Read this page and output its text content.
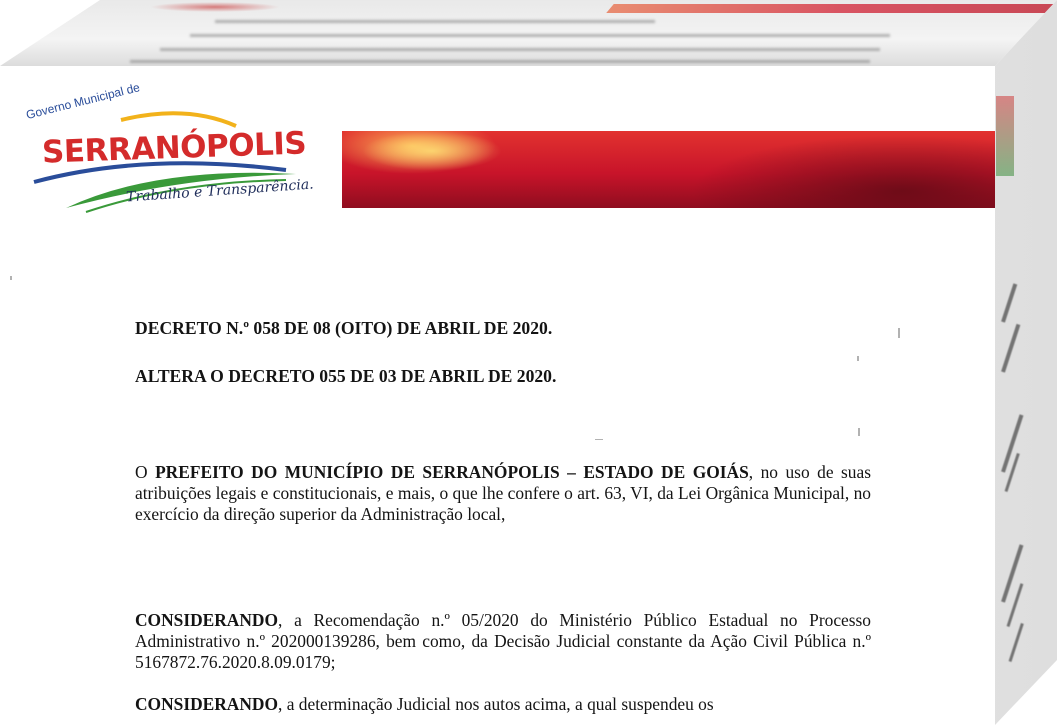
Governo Municipal de
SERRANÓPOLIS
Trabalho e Transparência.
DECRETO N.º 058 DE 08 (OITO) DE ABRIL DE 2020.
ALTERA O DECRETO 055 DE 03 DE ABRIL DE 2020.
O PREFEITO DO MUNICÍPIO DE SERRANÓPOLIS – ESTADO DE GOIÁS, no uso de suas atribuições legais e constitucionais, e mais, o que lhe confere o art. 63, VI, da Lei Orgânica Municipal, no exercício da direção superior da Administração local,
CONSIDERANDO, a Recomendação n.º 05/2020 do Ministério Público Estadual no Processo Administrativo n.º 202000139286, bem como, da Decisão Judicial constante da Ação Civil Pública n.º 5167872.76.2020.8.09.0179;
CONSIDERANDO, a determinação Judicial nos autos acima, a qual suspendeu os
